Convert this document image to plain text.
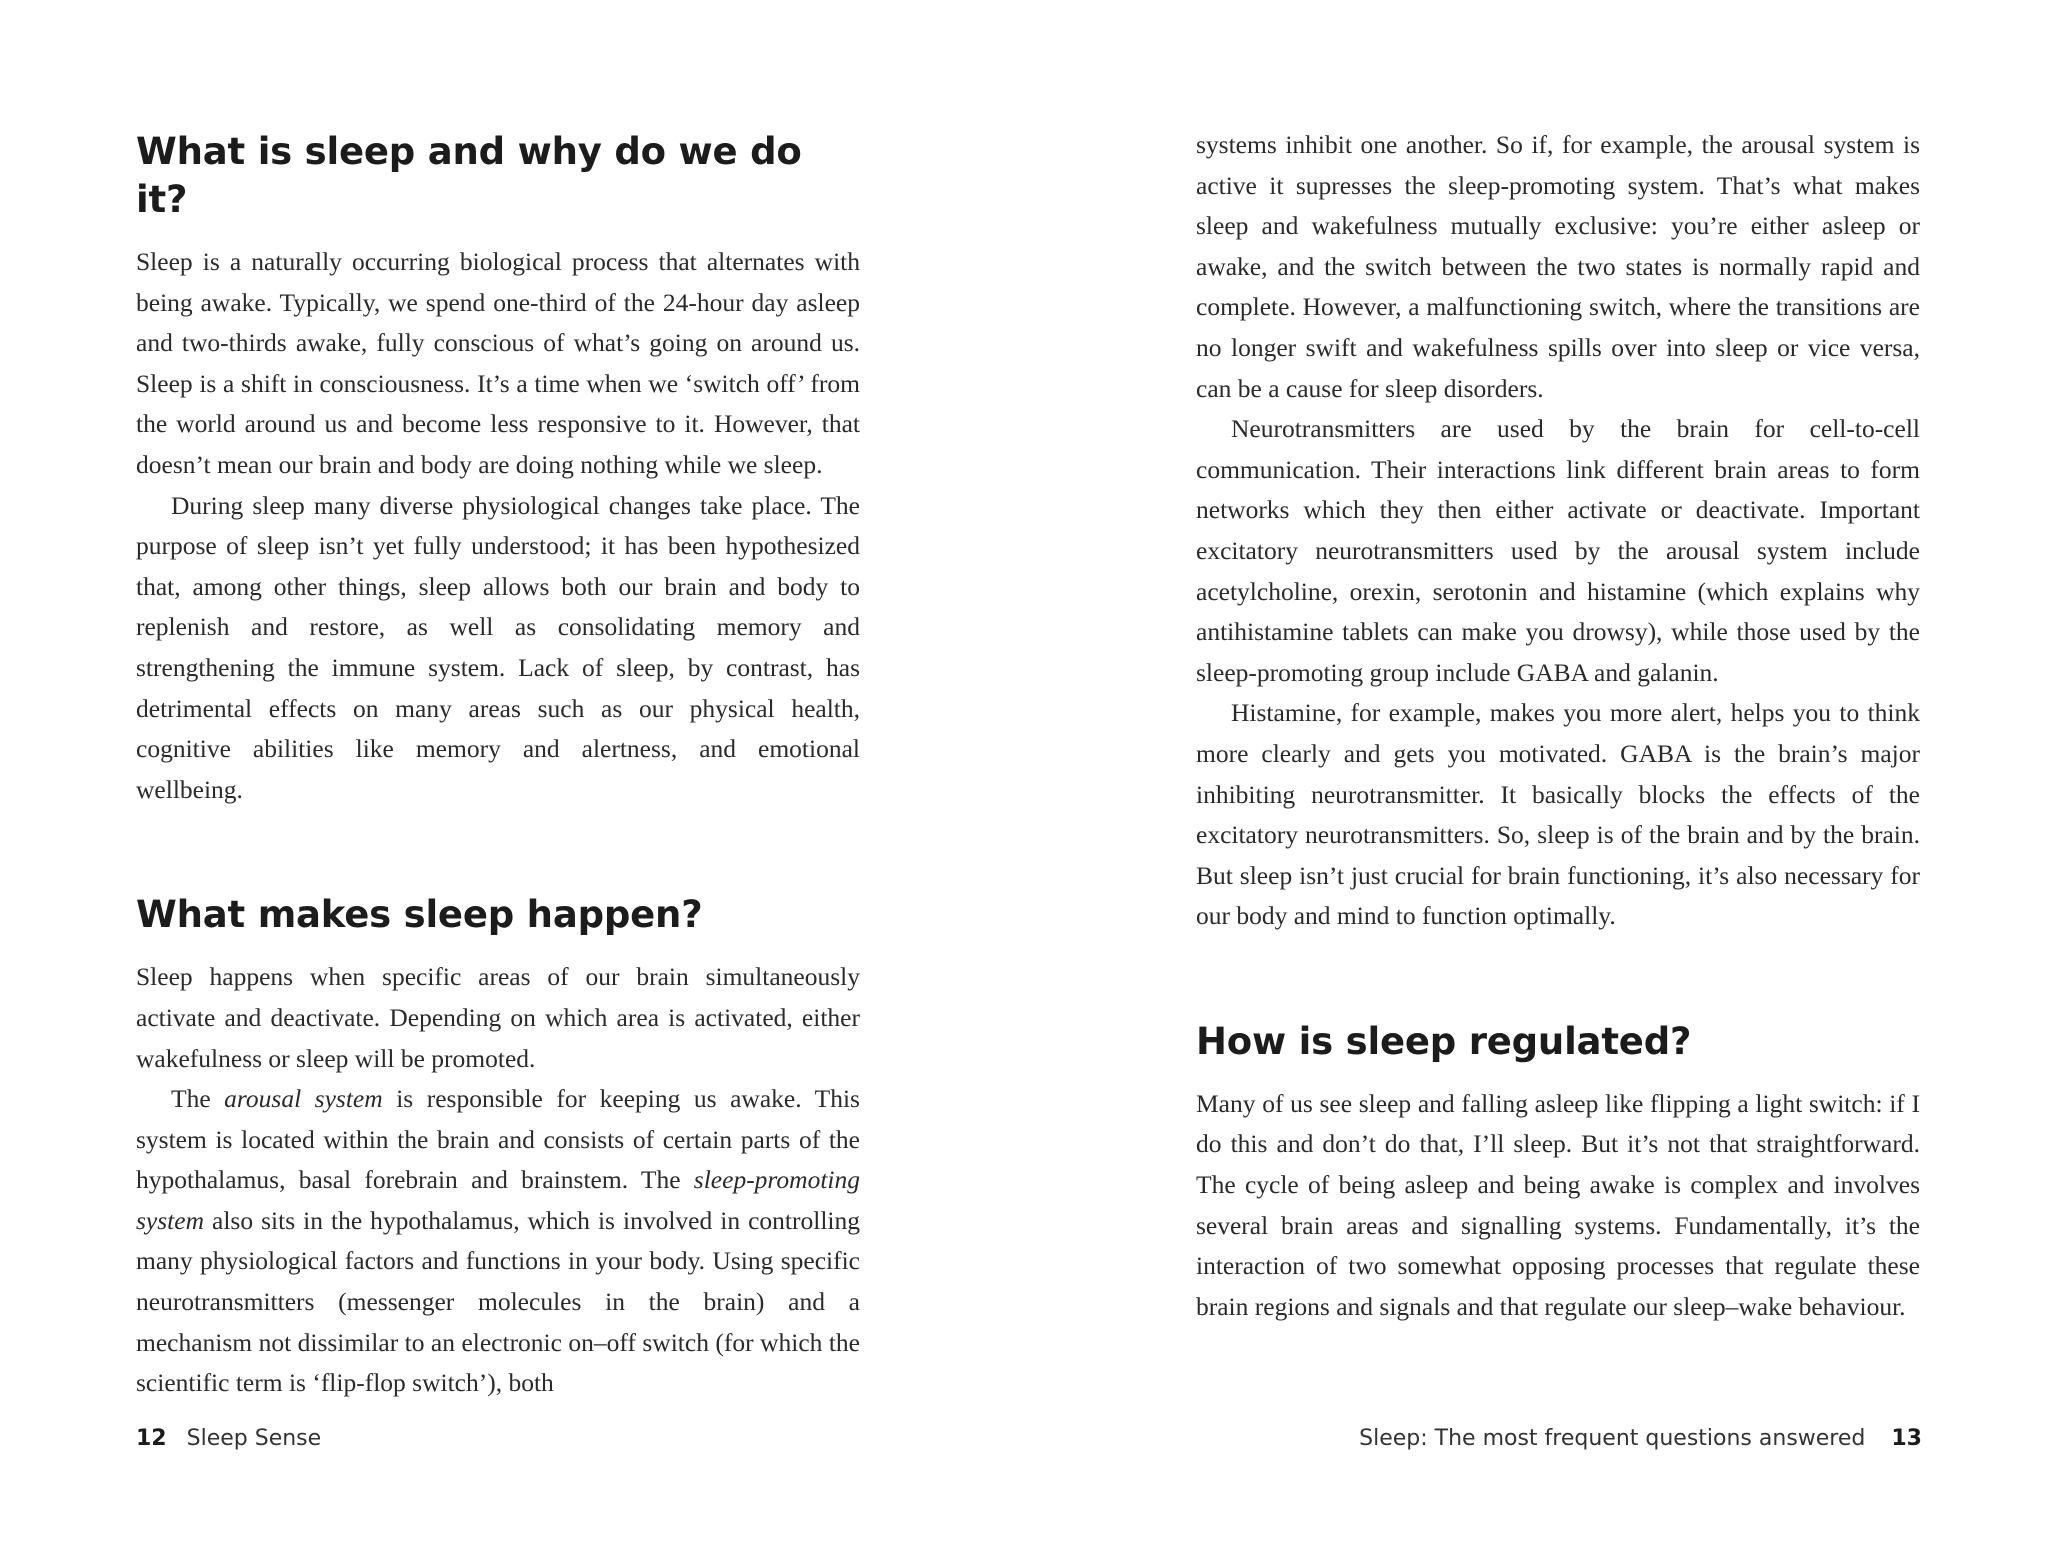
What is sleep and why do we do it?

Sleep is a naturally occurring biological process that alternates with being awake. Typically, we spend one-third of the 24-hour day asleep and two-thirds awake, fully conscious of what’s going on around us. Sleep is a shift in consciousness. It’s a time when we ‘switch off’ from the world around us and become less responsive to it. However, that doesn’t mean our brain and body are doing nothing while we sleep.

During sleep many diverse physiological changes take place. The purpose of sleep isn’t yet fully understood; it has been hypothesized that, among other things, sleep allows both our brain and body to replenish and restore, as well as consolidating memory and strengthening the immune system. Lack of sleep, by contrast, has detrimental effects on many areas such as our physical health, cognitive abilities like memory and alertness, and emotional wellbeing.

What makes sleep happen?

Sleep happens when specific areas of our brain simultaneously activate and deactivate. Depending on which area is activated, either wakefulness or sleep will be promoted.

The arousal system is responsible for keeping us awake. This system is located within the brain and consists of certain parts of the hypothalamus, basal forebrain and brainstem. The sleep-promoting system also sits in the hypothalamus, which is involved in controlling many physiological factors and functions in your body. Using specific neurotransmitters (messenger molecules in the brain) and a mechanism not dissimilar to an electronic on–off switch (for which the scientific term is ‘flip-flop switch’), both

12 Sleep Sense

systems inhibit one another. So if, for example, the arousal system is active it supresses the sleep-promoting system. That’s what makes sleep and wakefulness mutually exclusive: you’re either asleep or awake, and the switch between the two states is normally rapid and complete. However, a malfunctioning switch, where the transitions are no longer swift and wakefulness spills over into sleep or vice versa, can be a cause for sleep disorders.

Neurotransmitters are used by the brain for cell-to-cell communication. Their interactions link different brain areas to form networks which they then either activate or deactivate. Important excitatory neurotransmitters used by the arousal system include acetylcholine, orexin, serotonin and histamine (which explains why antihistamine tablets can make you drowsy), while those used by the sleep-promoting group include GABA and galanin.

Histamine, for example, makes you more alert, helps you to think more clearly and gets you motivated. GABA is the brain’s major inhibiting neurotransmitter. It basically blocks the effects of the excitatory neurotransmitters. So, sleep is of the brain and by the brain. But sleep isn’t just crucial for brain functioning, it’s also necessary for our body and mind to function optimally.

How is sleep regulated?

Many of us see sleep and falling asleep like flipping a light switch: if I do this and don’t do that, I’ll sleep. But it’s not that straightforward. The cycle of being asleep and being awake is complex and involves several brain areas and signalling systems. Fundamentally, it’s the interaction of two somewhat opposing processes that regulate these brain regions and signals and that regulate our sleep–wake behaviour.

Sleep: The most frequent questions answered 13
